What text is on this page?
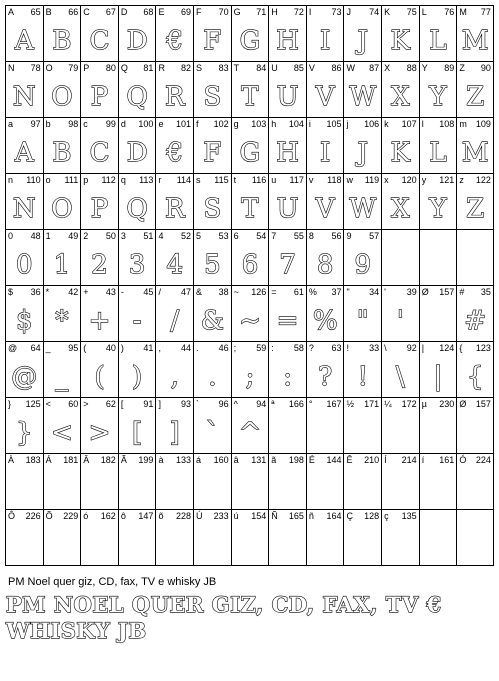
A 65
A
B 66
B
C 67
C
D 68
D
E 69
€
F 70
F
G 71
G
H 72
H
I 73
I
J 74
J
K 75
K
L 76
L
M 77
M
N 78
N
O 79
O
P 80
P
Q 81
Q
R 82
R
S 83
S
T 84
T
U 85
U
V 86
V
W 87
W
X 88
X
Y 89
Y
Z 90
Z
a 97
A
b 98
B
c 99
C
d 100
D
e 101
€
f 102
F
g 103
G
h 104
H
i 105
I
j 106
J
k 107
K
l 108
L
m 109
M
n 110
N
o 111
O
p 112
P
q 113
Q
r 114
R
s 115
S
t 116
T
u 117
U
v 118
V
w 119
W
x 120
X
y 121
Y
z 122
Z
0 48
0
1 49
1
2 50
2
3 51
3
4 52
4
5 53
5
6 54
6
7 55
7
8 56
8
9 57
9
$ 36
$
* 42
*
+ 43
+
- 45
-
/ 47
/
& 38
&
~ 126
~
= 61
=
% 37
%
" 34
"
' 39
'
Ø 157 # 35
#
@ 64
@
_ 95
_
( 40
(
) 41
)
, 44
,
. 46
.
; 59
;
: 58
:
? 63
?
! 33
!
\ 92
\
| 124
|
{ 123
{
} 125
}
< 60
<
> 62
>
[ 91
[
] 93
]
` 96
`
^ 94
^
ª 166 ° 167 ½ 171 ¼ 172 µ 230 Ø 157
À 183 Á 181 Â 182 Ã 199 à 133 á 160 â 131 ã 198 É 144 Ê 210 Í 214 í 161 Ó 224
Ô 226 Õ 229 ó 162 ô 147 õ 228 Ú 233 ú 154 Ñ 165 ñ 164 Ç 128 ç 135
PM Noel quer giz, CD, fax, TV e whisky JB
PM NOEL QUER GIZ, CD, FAX, TV €
WHISKY JB
